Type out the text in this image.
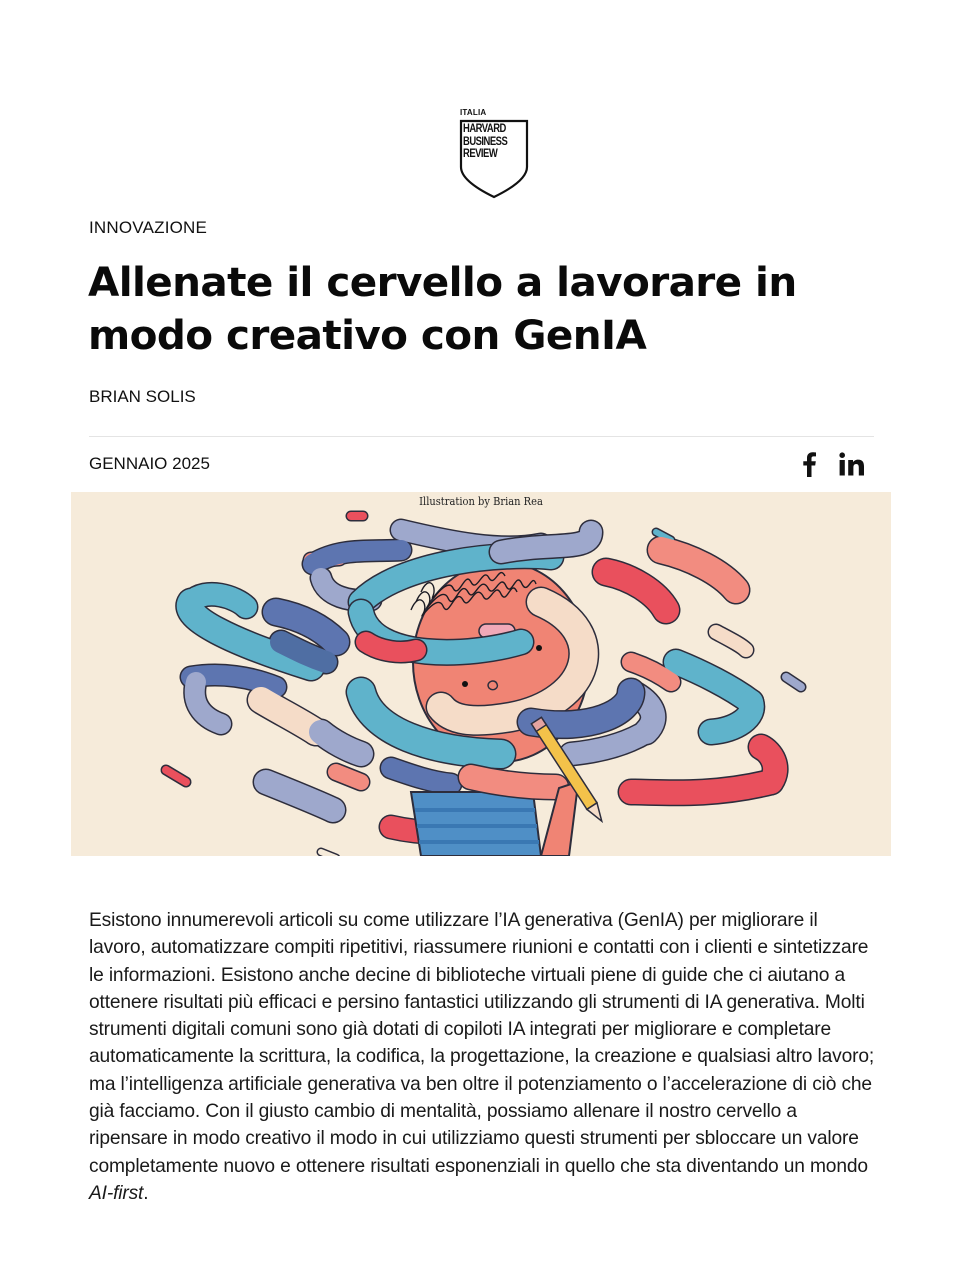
ITALIA
HARVARD
BUSINESS
REVIEW
INNOVAZIONE
Allenate il cervello a lavorare in modo creativo con GenIA
BRIAN SOLIS
GENNAIO 2025
Illustration by Brian Rea

Esistono innumerevoli articoli su come utilizzare l’IA generativa (GenIA) per migliorare il lavoro, automatizzare compiti ripetitivi, riassumere riunioni e contatti con i clienti e sintetizzare le informazioni. Esistono anche decine di biblioteche virtuali piene di guide che ci aiutano a ottenere risultati più efficaci e persino fantastici utilizzando gli strumenti di IA generativa. Molti strumenti digitali comuni sono già dotati di copiloti IA integrati per migliorare e completare automaticamente la scrittura, la codifica, la progettazione, la creazione e qualsiasi altro lavoro; ma l’intelligenza artificiale generativa va ben oltre il potenziamento o l’accelerazione di ciò che già facciamo. Con il giusto cambio di mentalità, possiamo allenare il nostro cervello a ripensare in modo creativo il modo in cui utilizziamo questi strumenti per sbloccare un valore completamente nuovo e ottenere risultati esponenziali in quello che sta diventando un mondo AI-first.
